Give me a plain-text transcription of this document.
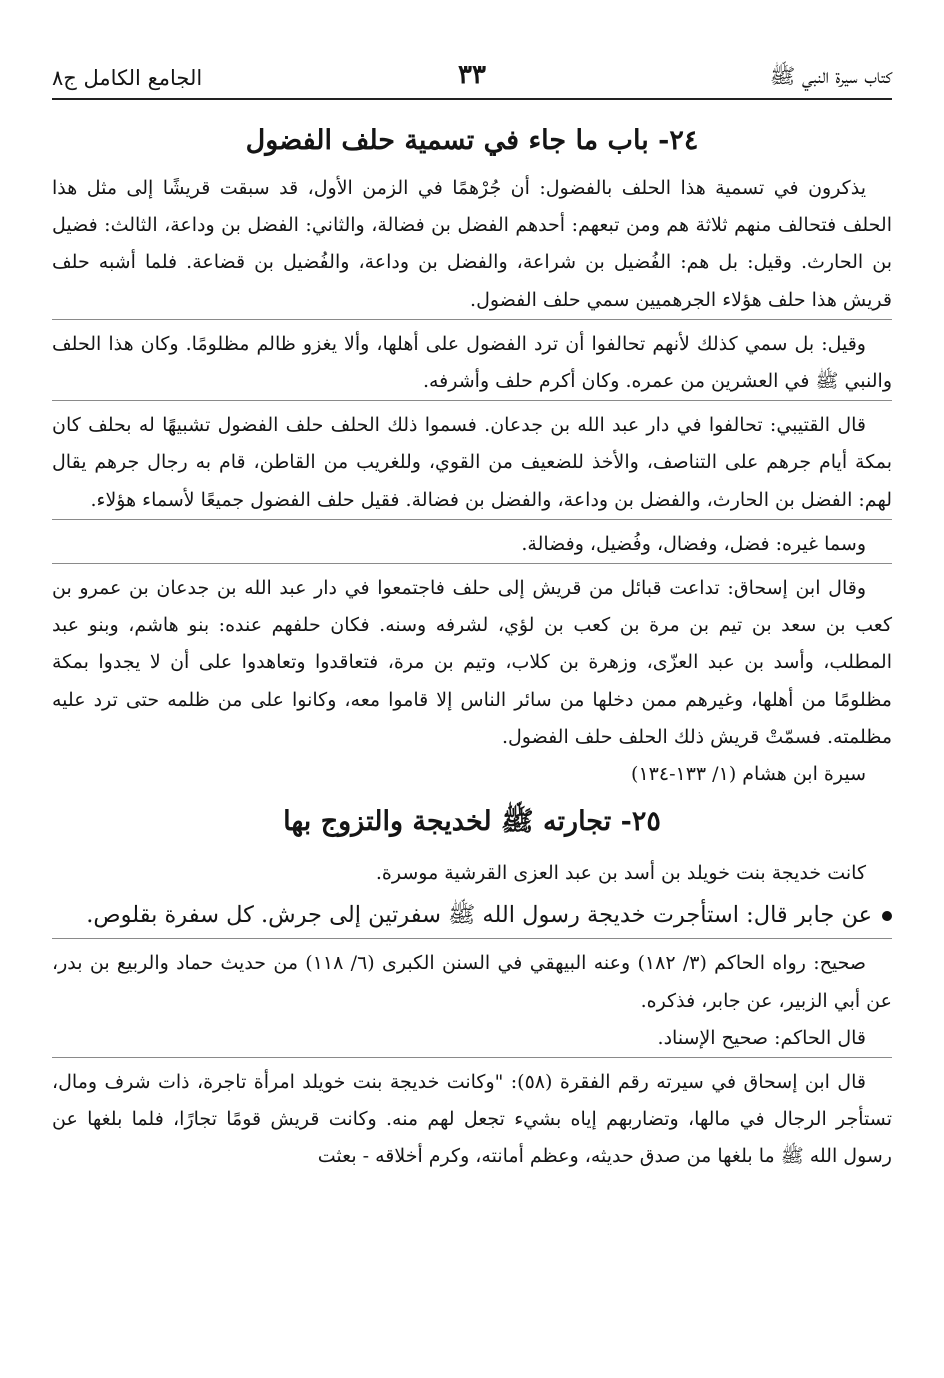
كتاب سيرة النبي ﷺ
٣٣
الجامع الكامل ج٨
٢٤- باب ما جاء في تسمية حلف الفضول

يذكرون في تسمية هذا الحلف بالفضول: أن جُرْهمًا في الزمن الأول، قد سبقت قريشًا إلى مثل هذا الحلف فتحالف منهم ثلاثة هم ومن تبعهم: أحدهم الفضل بن فضالة، والثاني: الفضل بن وداعة، الثالث: فضيل بن الحارث. وقيل: بل هم: الفُضيل بن شراعة، والفضل بن وداعة، والفُضيل بن قضاعة. فلما أشبه حلف قريش هذا حلف هؤلاء الجرهميين سمي حلف الفضول.

وقيل: بل سمي كذلك لأنهم تحالفوا أن ترد الفضول على أهلها، وألا يغزو ظالم مظلومًا. وكان هذا الحلف والنبي ﷺ في العشرين من عمره. وكان أكرم حلف وأشرفه.

قال القتيبي: تحالفوا في دار عبد الله بن جدعان. فسموا ذلك الحلف حلف الفضول تشبيهًا له بحلف كان بمكة أيام جرهم على التناصف، والأخذ للضعيف من القوي، وللغريب من القاطن، قام به رجال جرهم يقال لهم: الفضل بن الحارث، والفضل بن وداعة، والفضل بن فضالة. فقيل حلف الفضول جميعًا لأسماء هؤلاء.

وسما غيره: فضل، وفضال، وفُضيل، وفضالة.

وقال ابن إسحاق: تداعت قبائل من قريش إلى حلف فاجتمعوا في دار عبد الله بن جدعان بن عمرو بن كعب بن سعد بن تيم بن مرة بن كعب بن لؤي، لشرفه وسنه. فكان حلفهم عنده: بنو هاشم، وبنو عبد المطلب، وأسد بن عبد العزّى، وزهرة بن كلاب، وتيم بن مرة، فتعاقدوا وتعاهدوا على أن لا يجدوا بمكة مظلومًا من أهلها، وغيرهم ممن دخلها من سائر الناس إلا قاموا معه، وكانوا على من ظلمه حتى ترد عليه مظلمته. فسمّتْ قريش ذلك الحلف حلف الفضول.

سيرة ابن هشام (١/ ١٣٣-١٣٤)

٢٥- تجارته ﷺ لخديجة والتزوج بها

كانت خديجة بنت خويلد بن أسد بن عبد العزى القرشية موسرة.

عن جابر قال: استأجرت خديجة رسول الله ﷺ سفرتين إلى جرش. كل سفرة بقلوص.

صحيح: رواه الحاكم (٣/ ١٨٢) وعنه البيهقي في السنن الكبرى (٦/ ١١٨) من حديث حماد والربيع بن بدر، عن أبي الزبير، عن جابر، فذكره.

قال الحاكم: صحيح الإسناد.

قال ابن إسحاق في سيرته رقم الفقرة (٥٨): "وكانت خديجة بنت خويلد امرأة تاجرة، ذات شرف ومال، تستأجر الرجال في مالها، وتضاربهم إياه بشيء تجعل لهم منه. وكانت قريش قومًا تجارًا، فلما بلغها عن رسول الله ﷺ ما بلغها من صدق حديثه، وعظم أمانته، وكرم أخلاقه - بعثت
